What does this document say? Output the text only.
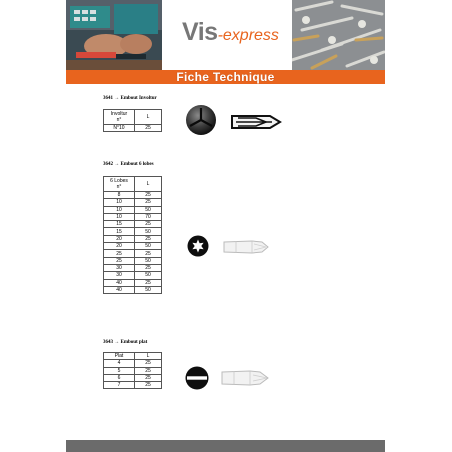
Vis-express
Fiche Technique
3641 → Embout Involtur
Involtur
n°	L
N°10	25
3642 → Embout 6 lobes
6 Lobes
n°	L
8	25
10	25
10	50
10	70
15	25
15	50
20	25
20	50
25	25
25	50
30	25
30	50
40	25
40	50
3643 → Embout plat
Plat	L
4	25
5	25
6	25
7	25
